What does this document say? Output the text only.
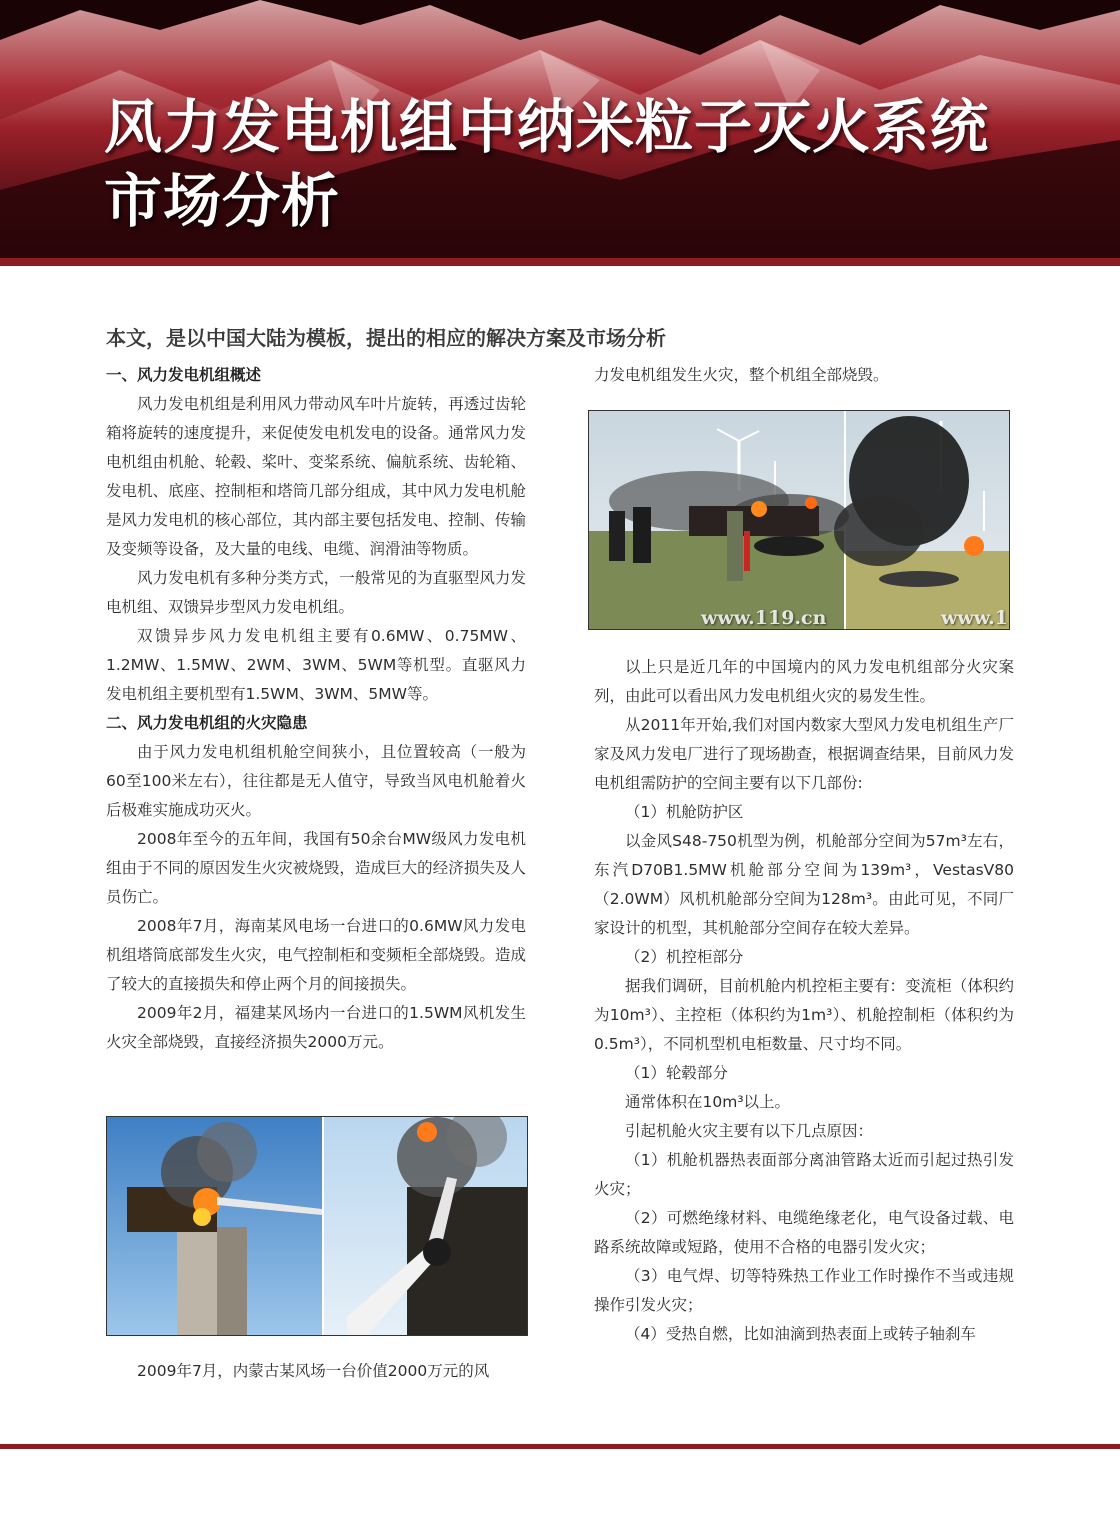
风力发电机组中纳米粒子灭火系统
市场分析
本文，是以中国大陆为模板，提出的相应的解决方案及市场分析
一、风力发电机组概述

风力发电机组是利用风力带动风车叶片旋转，再透过齿轮箱将旋转的速度提升，来促使发电机发电的设备。通常风力发电机组由机舱、轮毂、桨叶、变桨系统、偏航系统、齿轮箱、发电机、底座、控制柜和塔筒几部分组成，其中风力发电机舱是风力发电机的核心部位，其内部主要包括发电、控制、传输及变频等设备，及大量的电线、电缆、润滑油等物质。

风力发电机有多种分类方式，一般常见的为直驱型风力发电机组、双馈异步型风力发电机组。

双馈异步风力发电机组主要有0.6MW、0.75MW、1.2MW、1.5MW、2WM、3WM、5WM等机型。直驱风力发电机组主要机型有1.5WM、3WM、5MW等。

二、风力发电机组的火灾隐患

由于风力发电机组机舱空间狭小，且位置较高（一般为60至100米左右），往往都是无人值守，导致当风电机舱着火后极难实施成功灭火。

2008年至今的五年间，我国有50余台MW级风力发电机组由于不同的原因发生火灾被烧毁，造成巨大的经济损失及人员伤亡。

2008年7月，海南某风电场一台进口的0.6MW风力发电机组塔筒底部发生火灾，电气控制柜和变频柜全部烧毁。造成了较大的直接损失和停止两个月的间接损失。

2009年2月，福建某风场内一台进口的1.5WM风机发生火灾全部烧毁，直接经济损失2000万元。

2009年7月，内蒙古某风场一台价值2000万元的风

力发电机组发生火灾，整个机组全部烧毁。

www.119.cn	www.1

以上只是近几年的中国境内的风力发电机组部分火灾案列，由此可以看出风力发电机组火灾的易发生性。

从2011年开始,我们对国内数家大型风力发电机组生产厂家及风力发电厂进行了现场勘查，根据调查结果，目前风力发电机组需防护的空间主要有以下几部份:

（1）机舱防护区

以金风S48-750机型为例，机舱部分空间为57m³左右，东汽D70B1.5MW机舱部分空间为139m³，VestasV80（2.0WM）风机机舱部分空间为128m³。由此可见，不同厂家设计的机型，其机舱部分空间存在较大差异。

（2）机控柜部分

据我们调研，目前机舱内机控柜主要有：变流柜（体积约为10m³）、主控柜（体积约为1m³）、机舱控制柜（体积约为0.5m³），不同机型机电柜数量、尺寸均不同。

（1）轮毂部分

通常体积在10m³以上。

引起机舱火灾主要有以下几点原因：

（1）机舱机器热表面部分离油管路太近而引起过热引发火灾；

（2）可燃绝缘材料、电缆绝缘老化，电气设备过载、电路系统故障或短路，使用不合格的电器引发火灾；

（3）电气焊、切等特殊热工作业工作时操作不当或违规操作引发火灾；

（4）受热自燃，比如油滴到热表面上或转子轴刹车
